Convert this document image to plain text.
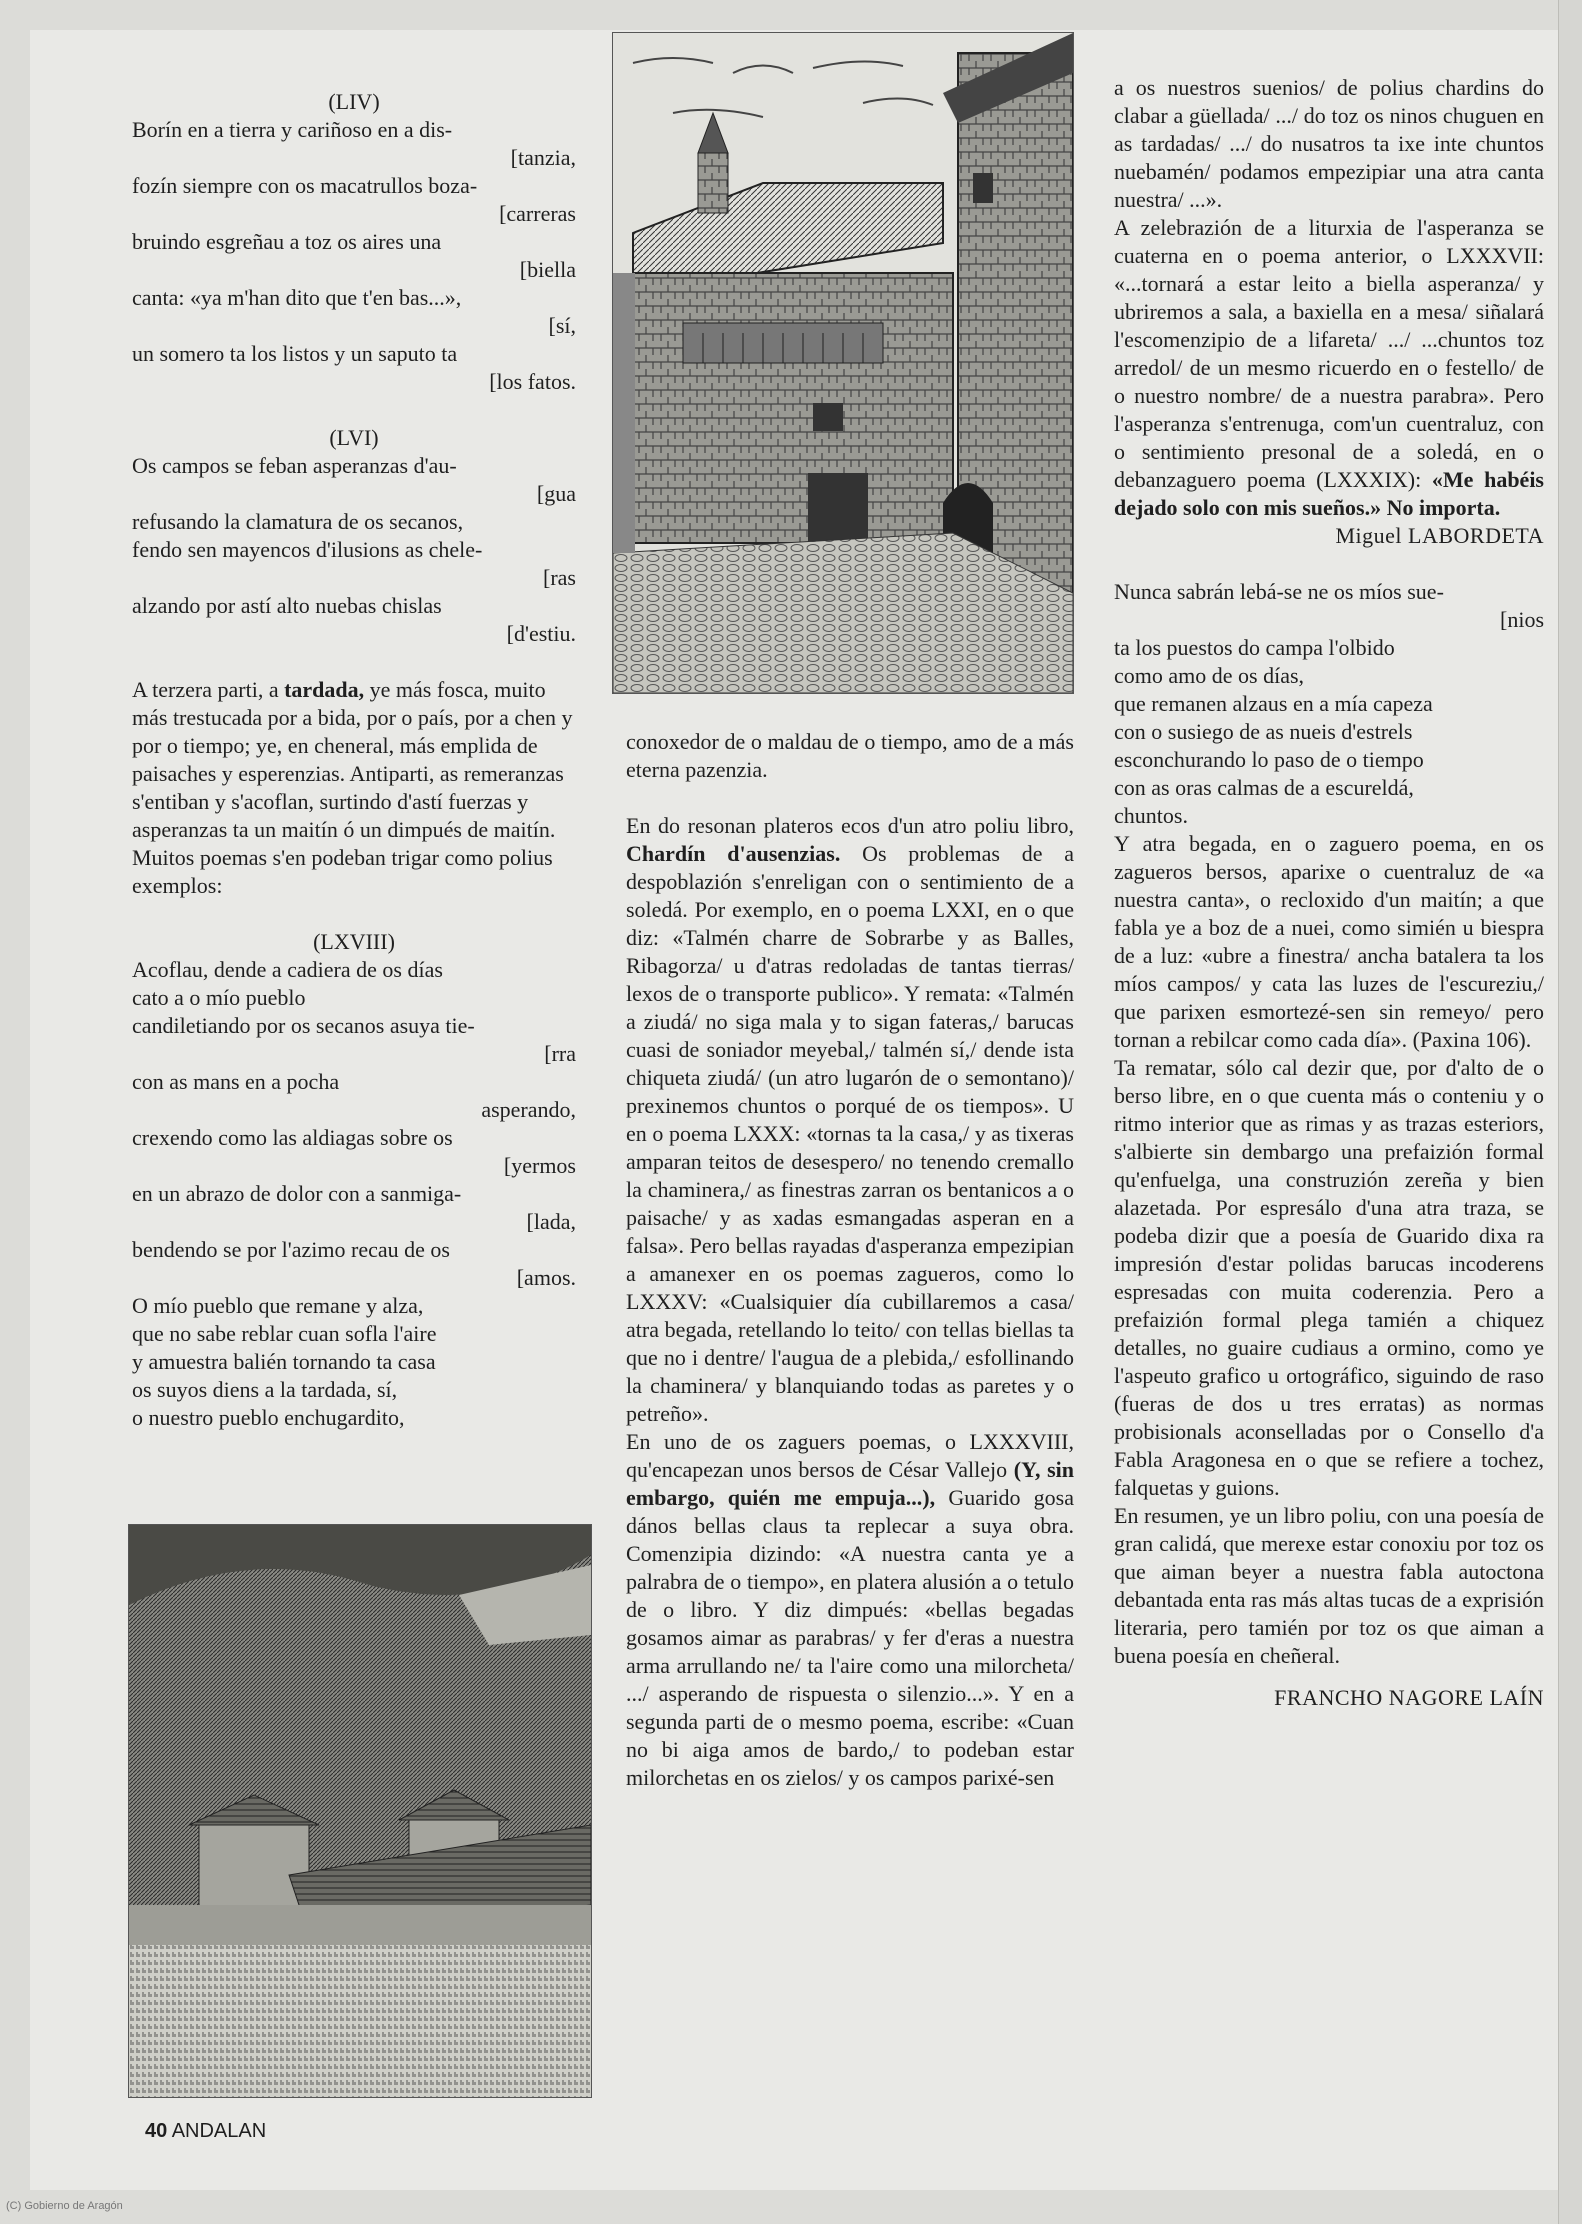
(LIV)

Borín en a tierra y cariñoso en a dis-
[tanzia,
fozín siempre con os macatrullos boza-
[carreras
bruindo esgreñau a toz os aires una
[biella
canta: «ya m'han dito que t'en bas...»,
[sí,
un somero ta los listos y un saputo ta
[los fatos.

(LVI)

Os campos se feban asperanzas d'au-
[gua
refusando la clamatura de os secanos,
fendo sen mayencos d'ilusions as chele-
[ras
alzando por astí alto nuebas chislas
[d'estiu.

A terzera parti, a tardada, ye más fosca, muito más trestucada por a bida, por o país, por a chen y por o tiempo; ye, en cheneral, más emplida de paisaches y esperenzias. Antiparti, as remeranzas s'entiban y s'acoflan, surtindo d'astí fuerzas y asperanzas ta un maitín ó un dimpués de maitín. Muitos poemas s'en podeban trigar como polius exemplos:

(LXVIII)

Acoflau, dende a cadiera de os días
cato a o mío pueblo
candiletiando por os secanos asuya tie-
[rra
con as mans en a pocha
asperando,
crexendo como las aldiagas sobre os
[yermos
en un abrazo de dolor con a sanmiga-
[lada,
bendendo se por l'azimo recau de os
[amos.
O mío pueblo que remane y alza,
que no sabe reblar cuan sofla l'aire
y amuestra balién tornando ta casa
os suyos diens a la tardada, sí,
o nuestro pueblo enchugardito,

conoxedor de o maldau de o tiempo, amo de a más eterna pazenzia.

En do resonan plateros ecos d'un atro poliu libro, Chardín d'ausenzias. Os problemas de a despoblazión s'enreligan con o sentimiento de a soledá. Por exemplo, en o poema LXXI, en o que diz: «Talmén charre de Sobrarbe y as Balles, Ribagorza/ u d'atras redoladas de tantas tierras/ lexos de o transporte publico». Y remata: «Talmén a ziudá/ no siga mala y to sigan fateras,/ barucas cuasi de soniador meyebal,/ talmén sí,/ dende ista chiqueta ziudá/ (un atro lugarón de o semontano)/ prexinemos chuntos o porqué de os tiempos». U en o poema LXXX: «tornas ta la casa,/ y as tixeras amparan teitos de desespero/ no tenendo cremallo la chaminera,/ as finestras zarran os bentanicos a o paisache/ y as xadas esmangadas asperan en a falsa». Pero bellas rayadas d'asperanza empezipian a amanexer en os poemas zagueros, como lo LXXXV: «Cualsiquier día cubillaremos a casa/ atra begada, retellando lo teito/ con tellas biellas ta que no i dentre/ l'augua de a plebida,/ esfollinando la chaminera/ y blanquiando todas as paretes y o petreño».

En uno de os zaguers poemas, o LXXXVIII, qu'encapezan unos bersos de César Vallejo (Y, sin embargo, quién me empuja...), Guarido gosa dános bellas claus ta replecar a suya obra. Comenzipia dizindo: «A nuestra canta ye a palrabra de o tiempo», en platera alusión a o tetulo de o libro. Y diz dimpués: «bellas begadas gosamos aimar as parabras/ y fer d'eras a nuestra arma arrullando ne/ ta l'aire como una milorcheta/ .../ asperando de rispuesta o silenzio...». Y en a segunda parti de o mesmo poema, escribe: «Cuan no bi aiga amos de bardo,/ to podeban estar milorchetas en os zielos/ y os campos parixé-sen

a os nuestros suenios/ de polius chardins do clabar a güellada/ .../ do toz os ninos chuguen en as tardadas/ .../ do nusatros ta ixe inte chuntos nuebamén/ podamos empezipiar una atra canta nuestra/ ...».

A zelebrazión de a liturxia de l'asperanza se cuaterna en o poema anterior, o LXXXVII: «...tornará a estar leito a biella asperanza/ y ubriremos a sala, a baxiella en a mesa/ siñalará l'escomenzipio de a lifareta/ .../ ...chuntos toz arredol/ de un mesmo ricuerdo en o festello/ de o nuestro nombre/ de a nuestra parabra». Pero l'asperanza s'entrenuga, com'un cuentraluz, con o sentimiento presonal de a soledá, en o debanzaguero poema (LXXXIX): «Me habéis dejado solo con mis sueños.» No importa.

Miguel LABORDETA

Nunca sabrán lebá-se ne os míos sue-
[nios
ta los puestos do campa l'olbido
como amo de os días,
que remanen alzaus en a mía capeza
con o susiego de as nueis d'estrels
esconchurando lo paso de o tiempo
con as oras calmas de a escureldá,
chuntos.

Y atra begada, en o zaguero poema, en os zagueros bersos, aparixe o cuentraluz de «a nuestra canta», o recloxido d'un maitín; a que fabla ye a boz de a nuei, como simién u biespra de a luz: «ubre a finestra/ ancha batalera ta los míos campos/ y cata las luzes de l'escureziu,/ que parixen esmortezé-sen sin remeyo/ pero tornan a rebilcar como cada día». (Paxina 106).

Ta rematar, sólo cal dezir que, por d'alto de o berso libre, en o que cuenta más o conteniu y o ritmo interior que as rimas y as trazas esteriors, s'albierte sin dembargo una prefaizión formal qu'enfuelga, una construzión zereña y bien alazetada. Por espresálo d'una atra traza, se podeba dizir que a poesía de Guarido dixa ra impresión d'estar polidas barucas incoderens espresadas con muita coderenzia. Pero a prefaizión formal plega tamién a chiquez detalles, no guaire cudiaus a ormino, como ye l'aspeuto grafico u ortográfico, siguindo de raso (fueras de dos u tres erratas) as normas probisionals aconselladas por o Consello d'a Fabla Aragonesa en o que se refiere a tochez, falquetas y guions.

En resumen, ye un libro poliu, con una poesía de gran calidá, que merexe estar conoxiu por toz os que aiman beyer a nuestra fabla autoctona debantada enta ras más altas tucas de a exprisión literaria, pero tamién por toz os que aiman a buena poesía en cheñeral.

FRANCHO NAGORE LAÍN

40 ANDALAN
(C) Gobierno de Aragón
